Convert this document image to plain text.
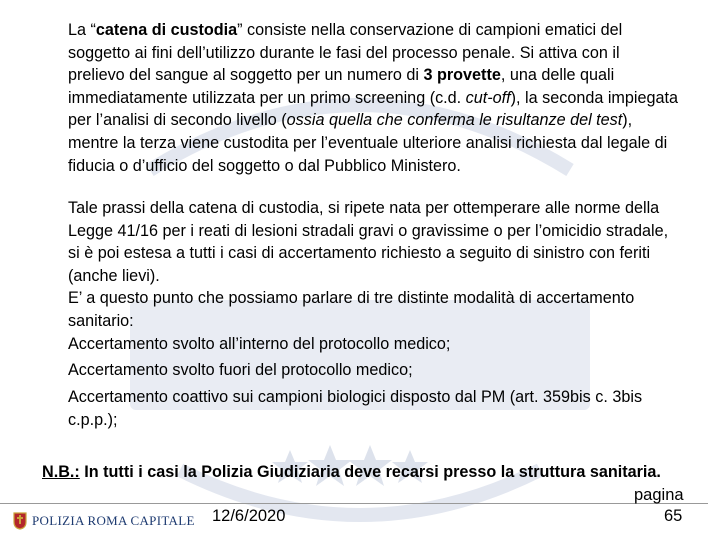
La “catena di custodia” consiste nella conservazione di campioni ematici del soggetto ai fini dell’utilizzo durante le fasi del processo penale. Si attiva con il prelievo del sangue al soggetto per un numero di 3 provette, una delle quali immediatamente utilizzata per un primo screening (c.d. cut-off), la seconda impiegata per l’analisi di secondo livello (ossia quella che conferma le risultanze del test), mentre la terza viene custodita per l’eventuale ulteriore analisi richiesta dal legale di fiducia o d’ufficio del soggetto o dal Pubblico Ministero.
Tale prassi della catena di custodia, si ripete nata per ottemperare alle norme della Legge 41/16 per i reati di lesioni stradali gravi o gravissime o per l’omicidio stradale, si è poi estesa a tutti i casi di accertamento richiesto a seguito di sinistro con feriti (anche lievi).
E’ a questo punto che possiamo parlare di tre distinte modalità di accertamento sanitario:
Accertamento svolto all’interno del protocollo medico;
Accertamento svolto fuori del protocollo medico;
Accertamento coattivo sui campioni biologici disposto dal PM (art. 359bis c. 3bis c.p.p.);
N.B.: In tutti i casi la Polizia Giudiziaria deve recarsi presso la struttura sanitaria.
POLIZIA ROMA CAPITALE 12/6/2020
pagina
65
